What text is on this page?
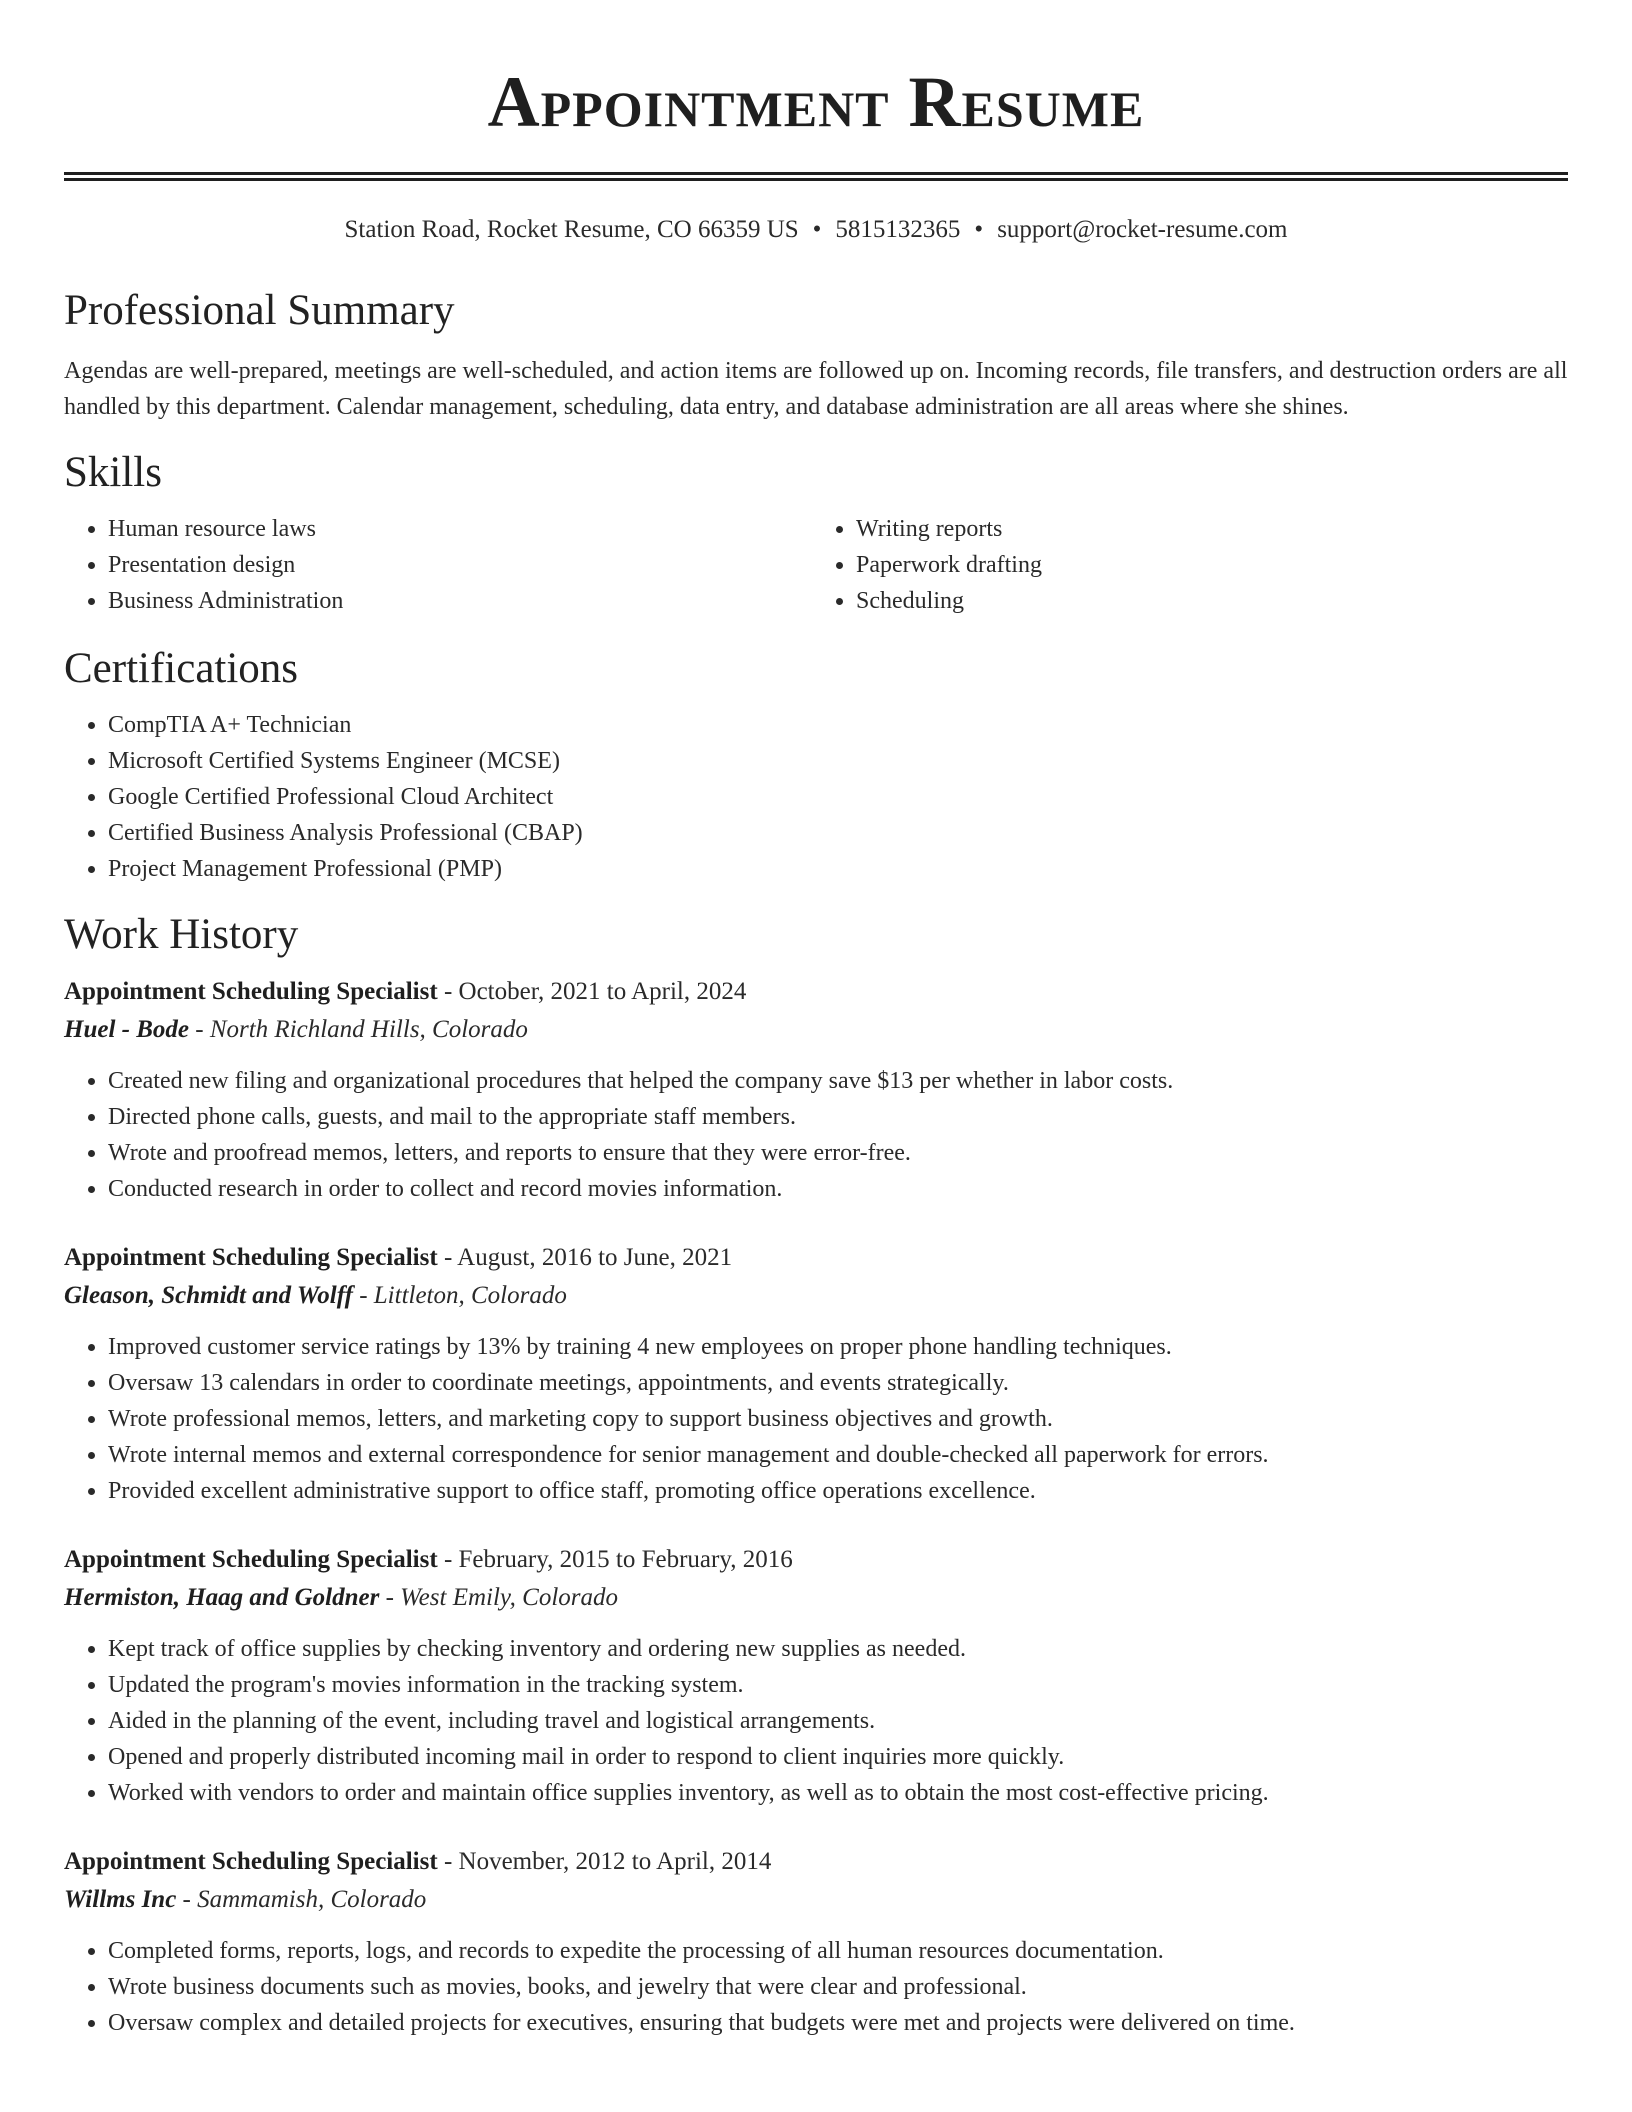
Appointment Resume
Station Road, Rocket Resume, CO 66359 US • 5815132365 • support@rocket-resume.com
Professional Summary

Agendas are well-prepared, meetings are well-scheduled, and action items are followed up on. Incoming records, file transfers, and destruction orders are all handled by this department. Calendar management, scheduling, data entry, and database administration are all areas where she shines.

Skills
• Human resource laws
• Presentation design
• Business Administration
• Writing reports
• Paperwork drafting
• Scheduling
Certifications
• CompTIA A+ Technician
• Microsoft Certified Systems Engineer (MCSE)
• Google Certified Professional Cloud Architect
• Certified Business Analysis Professional (CBAP)
• Project Management Professional (PMP)
Work History
Appointment Scheduling Specialist - October, 2021 to April, 2024
Huel - Bode - North Richland Hills, Colorado
• Created new filing and organizational procedures that helped the company save $13 per whether in labor costs.
• Directed phone calls, guests, and mail to the appropriate staff members.
• Wrote and proofread memos, letters, and reports to ensure that they were error-free.
• Conducted research in order to collect and record movies information.
Appointment Scheduling Specialist - August, 2016 to June, 2021
Gleason, Schmidt and Wolff - Littleton, Colorado
• Improved customer service ratings by 13% by training 4 new employees on proper phone handling techniques.
• Oversaw 13 calendars in order to coordinate meetings, appointments, and events strategically.
• Wrote professional memos, letters, and marketing copy to support business objectives and growth.
• Wrote internal memos and external correspondence for senior management and double-checked all paperwork for errors.
• Provided excellent administrative support to office staff, promoting office operations excellence.
Appointment Scheduling Specialist - February, 2015 to February, 2016
Hermiston, Haag and Goldner - West Emily, Colorado
• Kept track of office supplies by checking inventory and ordering new supplies as needed.
• Updated the program's movies information in the tracking system.
• Aided in the planning of the event, including travel and logistical arrangements.
• Opened and properly distributed incoming mail in order to respond to client inquiries more quickly.
• Worked with vendors to order and maintain office supplies inventory, as well as to obtain the most cost-effective pricing.
Appointment Scheduling Specialist - November, 2012 to April, 2014
Willms Inc - Sammamish, Colorado
• Completed forms, reports, logs, and records to expedite the processing of all human resources documentation.
• Wrote business documents such as movies, books, and jewelry that were clear and professional.
• Oversaw complex and detailed projects for executives, ensuring that budgets were met and projects were delivered on time.
